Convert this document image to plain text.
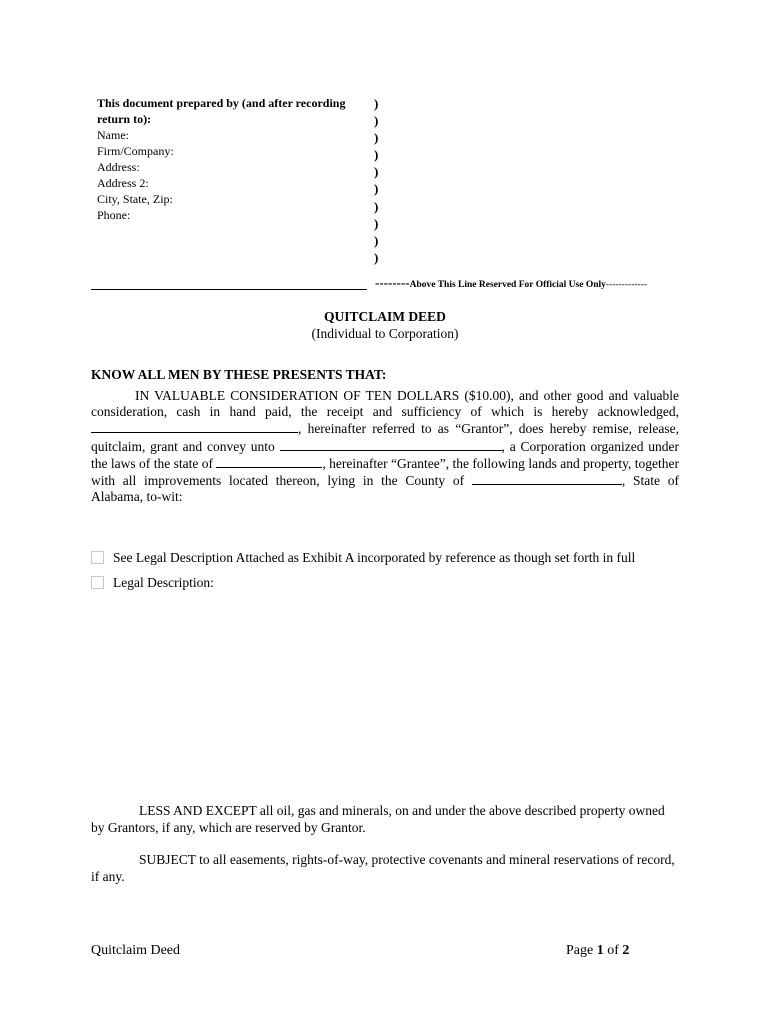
This document prepared by (and after recording return to):
Name:
Firm/Company:
Address:
Address 2:
City, State, Zip:
Phone:
)
)
)
)
)
)
)
)
)
)
--------Above This Line Reserved For Official Use Only-------------
QUITCLAIM DEED
(Individual to Corporation)
KNOW ALL MEN BY THESE PRESENTS THAT:

IN VALUABLE CONSIDERATION OF TEN DOLLARS ($10.00), and other good and valuable consideration, cash in hand paid, the receipt and sufficiency of which is hereby acknowledged, , hereinafter referred to as “Grantor”, does hereby remise, release, quitclaim, grant and convey unto	, a Corporation organized under the laws of the state of	, hereinafter “Grantee”, the following lands and property, together with all improvements located thereon, lying in the County of	, State of Alabama, to-wit:

See Legal Description Attached as Exhibit A incorporated by reference as though set forth in full
Legal Description:

LESS AND EXCEPT all oil, gas and minerals, on and under the above described property owned by Grantors, if any, which are reserved by Grantor.

SUBJECT to all easements, rights-of-way, protective covenants and mineral reservations of record, if any.

Quitclaim Deed	Page 1 of 2
